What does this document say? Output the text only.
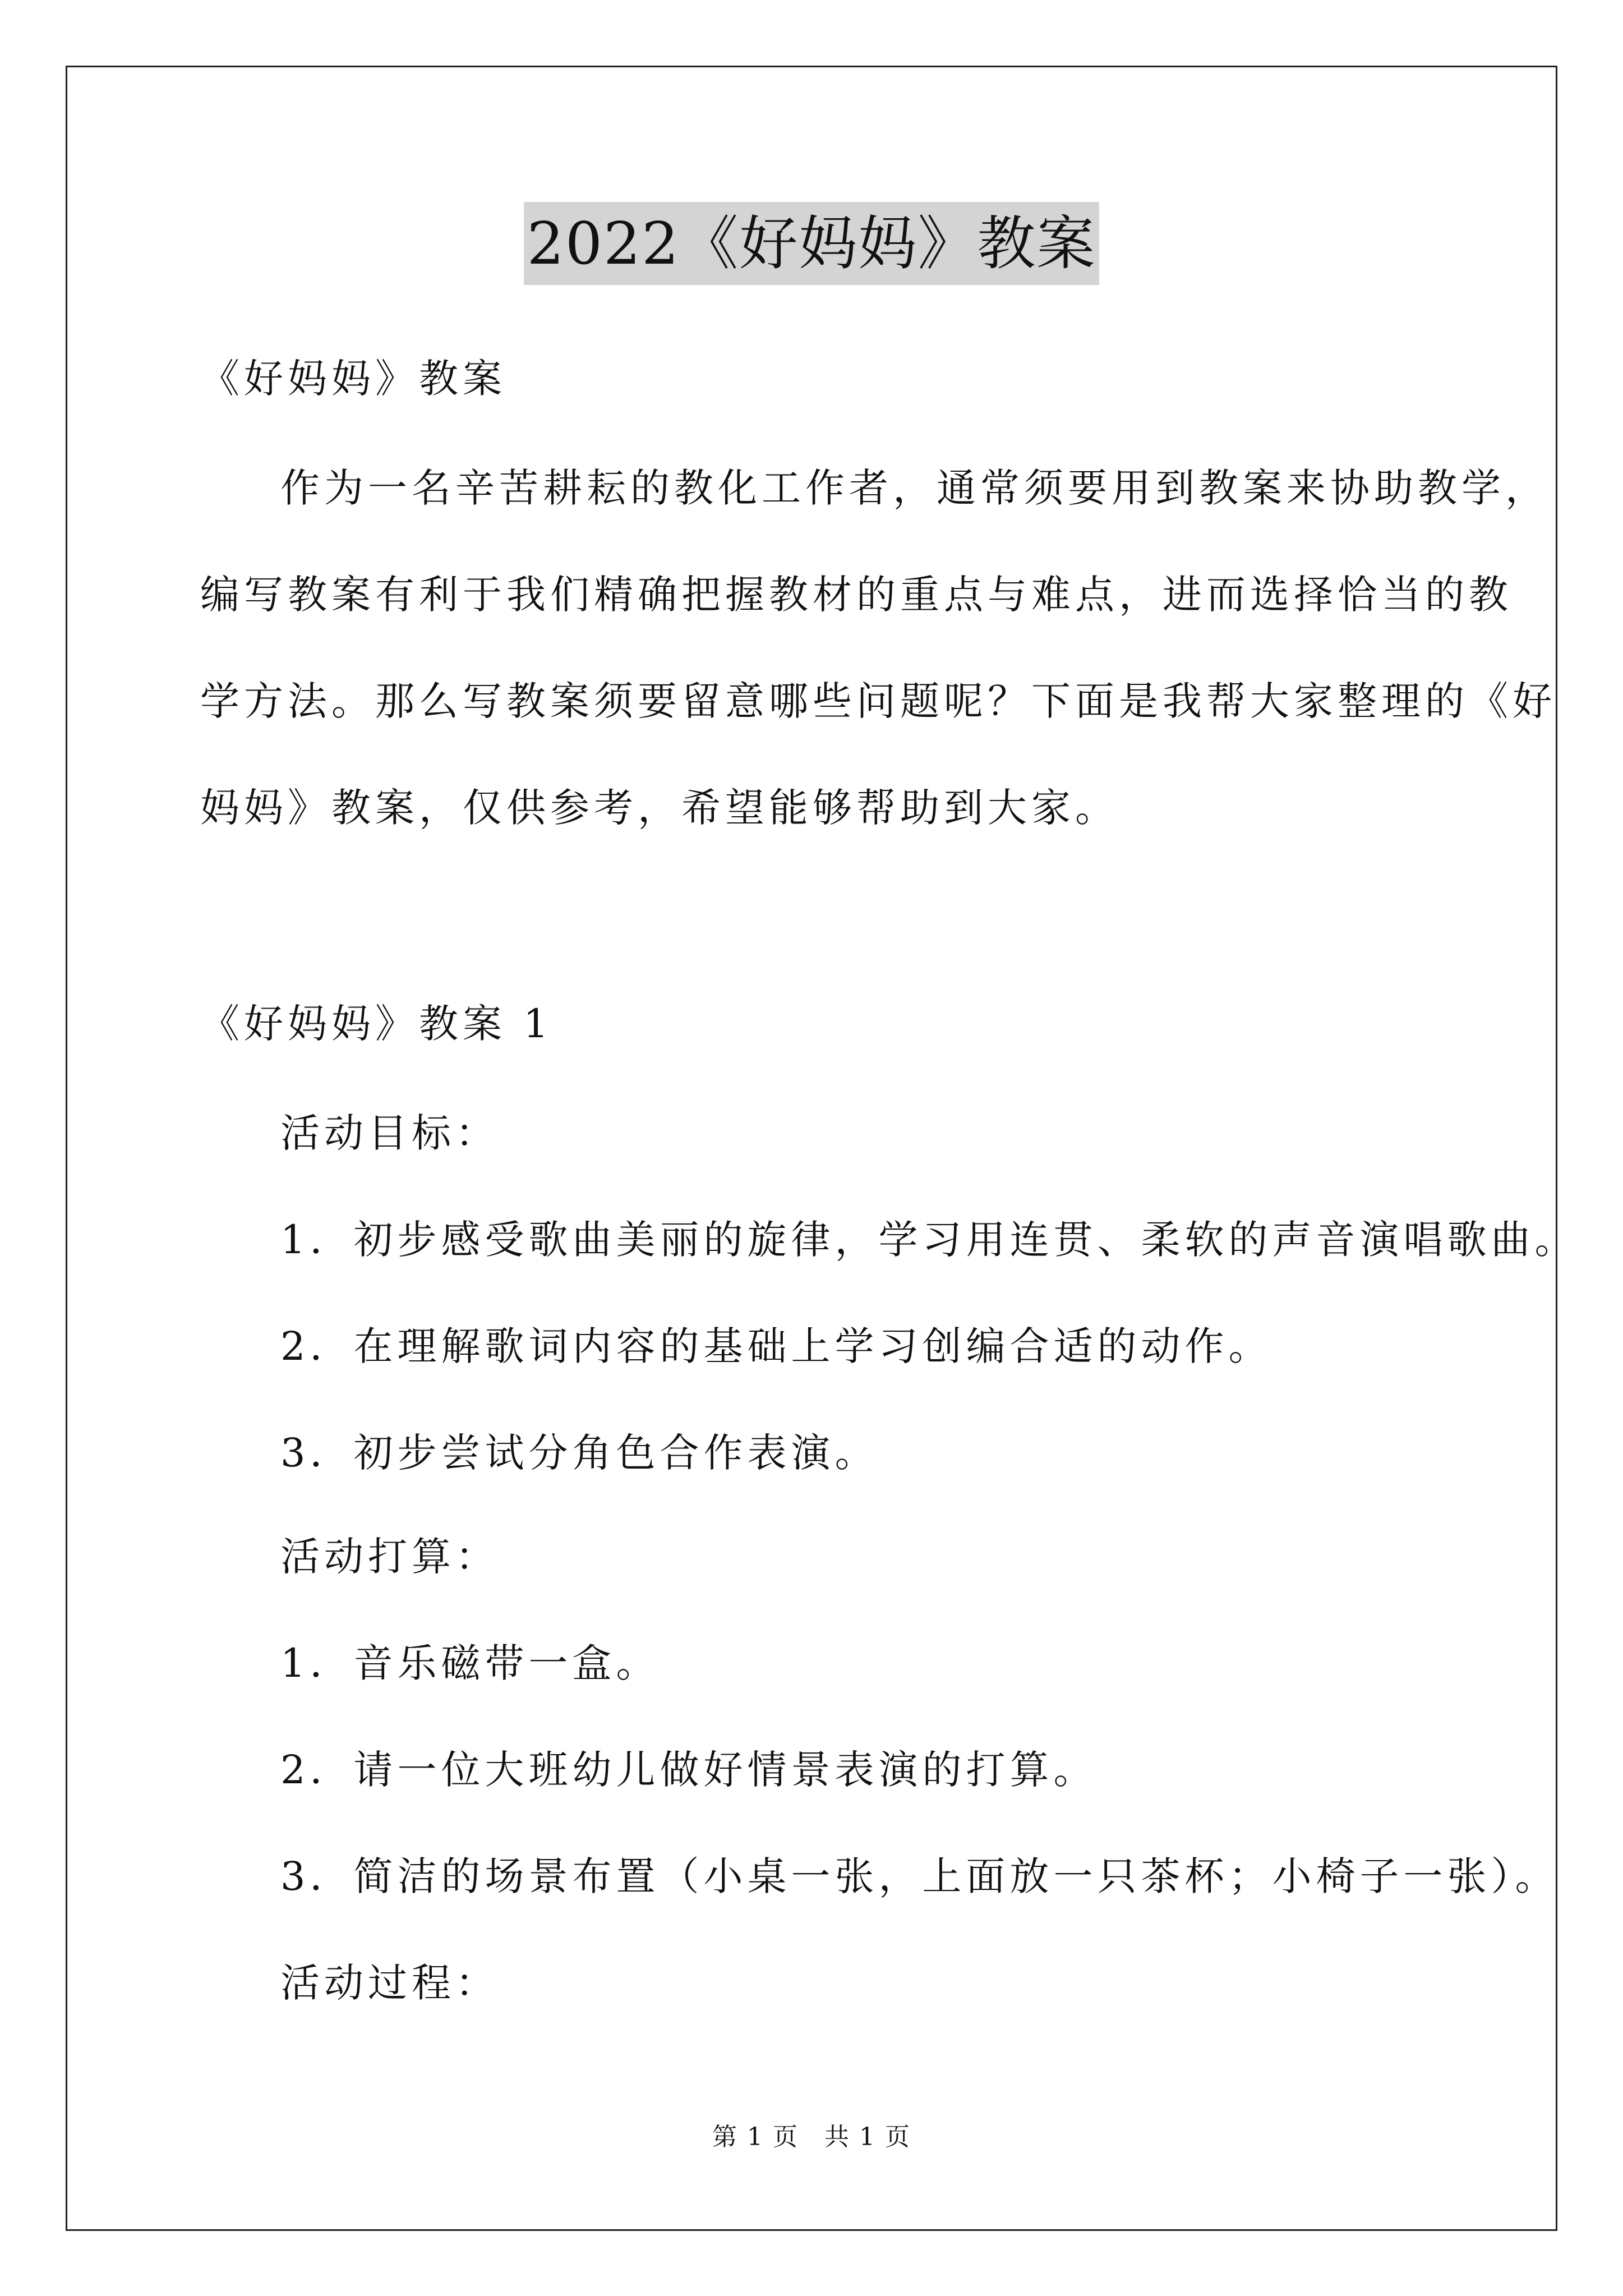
2022《好妈妈》教案
《好妈妈》教案
作为一名辛苦耕耘的教化工作者，通常须要用到教案来协助教学，
编写教案有利于我们精确把握教材的重点与难点，进而选择恰当的教
学方法。那么写教案须要留意哪些问题呢？下面是我帮大家整理的《好
妈妈》教案，仅供参考，希望能够帮助到大家。
《好妈妈》教案 1
活动目标：
1．初步感受歌曲美丽的旋律，学习用连贯、柔软的声音演唱歌曲。
2．在理解歌词内容的基础上学习创编合适的动作。
3．初步尝试分角色合作表演。
活动打算：
1．音乐磁带一盒。
2．请一位大班幼儿做好情景表演的打算。
3．简洁的场景布置（小桌一张，上面放一只茶杯；小椅子一张）。
活动过程：
第 1 页　共 1 页
